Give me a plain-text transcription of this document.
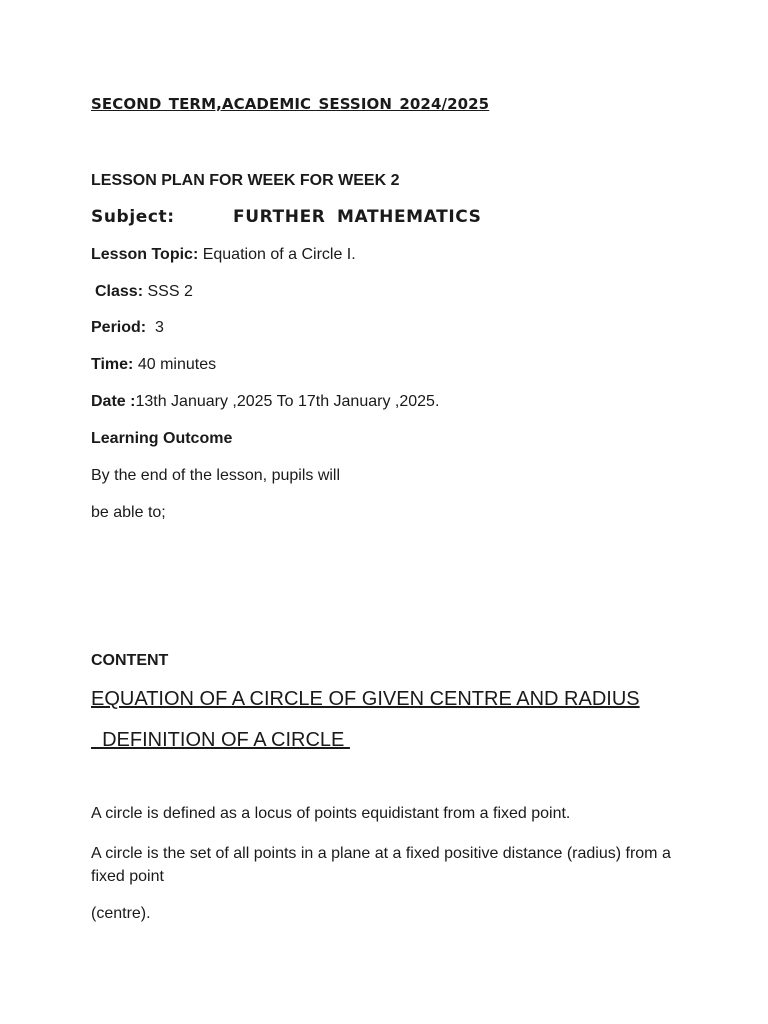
SECOND TERM,ACADEMIC SESSION 2024/2025
LESSON PLAN FOR WEEK FOR WEEK 2
Subject:	FURTHER MATHEMATICS
Lesson Topic: Equation of a Circle I.
Class: SSS 2
Period:  3
Time: 40 minutes
Date :13th January ,2025 To 17th January ,2025.
Learning Outcome
By the end of the lesson, pupils will
be able to;
CONTENT
EQUATION OF A CIRCLE OF GIVEN CENTRE AND RADIUS
DEFINITION OF A CIRCLE
A circle is defined as a locus of points equidistant from a fixed point.
A circle is the set of all points in a plane at a fixed positive distance (radius) from a fixed point
(centre).
